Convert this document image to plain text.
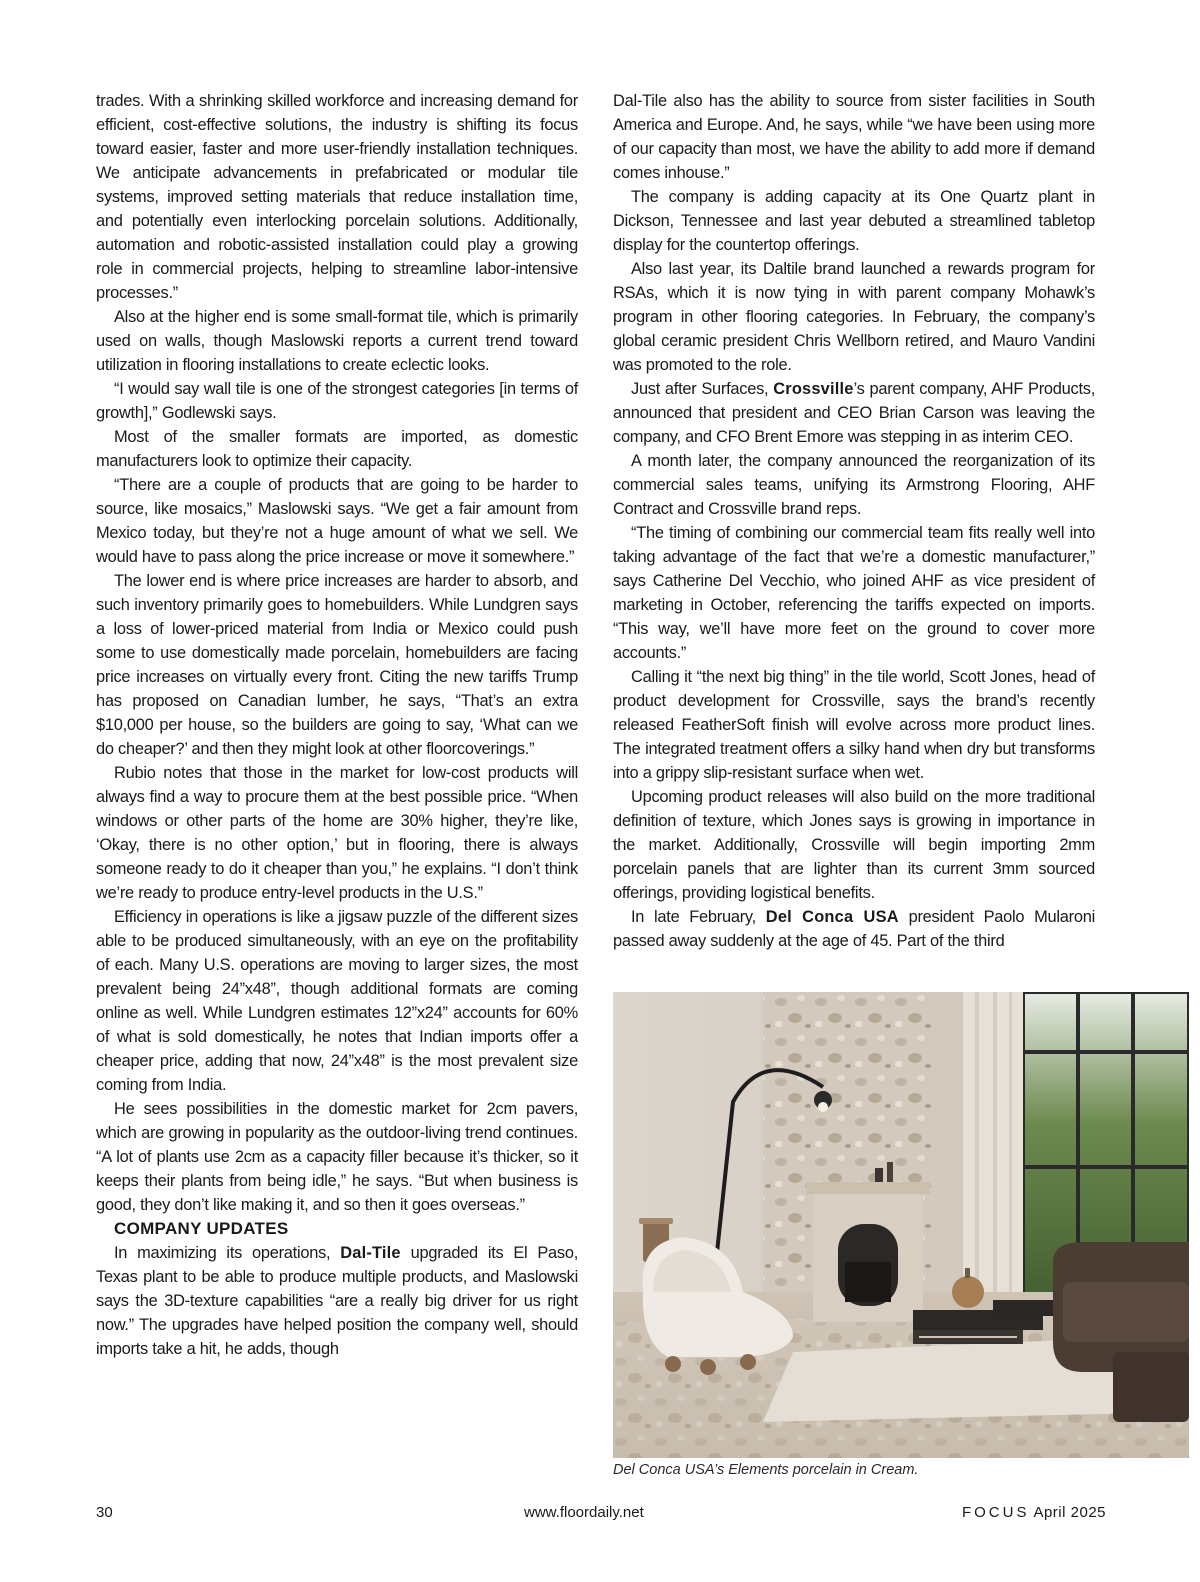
trades. With a shrinking skilled workforce and increasing demand for efficient, cost-effective solutions, the industry is shifting its focus toward easier, faster and more user-friendly installation techniques. We anticipate advancements in prefabricated or modular tile systems, improved setting materials that reduce installation time, and potentially even interlocking porcelain solutions. Additionally, automation and robotic-assisted installation could play a growing role in commercial projects, helping to streamline labor-intensive processes.”

Also at the higher end is some small-format tile, which is primarily used on walls, though Maslowski reports a current trend toward utilization in flooring installations to create eclectic looks.

“I would say wall tile is one of the strongest categories [in terms of growth],” Godlewski says.

Most of the smaller formats are imported, as domestic manufacturers look to optimize their capacity.

“There are a couple of products that are going to be harder to source, like mosaics,” Maslowski says. “We get a fair amount from Mexico today, but they’re not a huge amount of what we sell. We would have to pass along the price increase or move it somewhere.”

The lower end is where price increases are harder to absorb, and such inventory primarily goes to homebuilders. While Lundgren says a loss of lower-priced material from India or Mexico could push some to use domestically made porcelain, homebuilders are facing price increases on virtually every front. Citing the new tariffs Trump has proposed on Canadian lumber, he says, “That’s an extra $10,000 per house, so the builders are going to say, ‘What can we do cheaper?’ and then they might look at other floorcoverings.”

Rubio notes that those in the market for low-cost products will always find a way to procure them at the best possible price. “When windows or other parts of the home are 30% higher, they’re like, ‘Okay, there is no other option,’ but in flooring, there is always someone ready to do it cheaper than you,” he explains. “I don’t think we’re ready to produce entry-level products in the U.S.”

Efficiency in operations is like a jigsaw puzzle of the different sizes able to be produced simultaneously, with an eye on the profitability of each. Many U.S. operations are moving to larger sizes, the most prevalent being 24”x48”, though additional formats are coming online as well. While Lundgren estimates 12”x24” accounts for 60% of what is sold domestically, he notes that Indian imports offer a cheaper price, adding that now, 24”x48” is the most prevalent size coming from India.

He sees possibilities in the domestic market for 2cm pavers, which are growing in popularity as the outdoor-living trend continues. “A lot of plants use 2cm as a capacity filler because it’s thicker, so it keeps their plants from being idle,” he says. “But when business is good, they don’t like making it, and so then it goes overseas.”

COMPANY UPDATES

In maximizing its operations, Dal-Tile upgraded its El Paso, Texas plant to be able to produce multiple products, and Maslowski says the 3D-texture capabilities “are a really big driver for us right now.” The upgrades have helped position the company well, should imports take a hit, he adds, though

Dal-Tile also has the ability to source from sister facilities in South America and Europe. And, he says, while “we have been using more of our capacity than most, we have the ability to add more if demand comes inhouse.”

The company is adding capacity at its One Quartz plant in Dickson, Tennessee and last year debuted a streamlined tabletop display for the countertop offerings.

Also last year, its Daltile brand launched a rewards program for RSAs, which it is now tying in with parent company Mohawk’s program in other flooring categories. In February, the company’s global ceramic president Chris Wellborn retired, and Mauro Vandini was promoted to the role.

Just after Surfaces, Crossville’s parent company, AHF Products, announced that president and CEO Brian Carson was leaving the company, and CFO Brent Emore was stepping in as interim CEO.

A month later, the company announced the reorganization of its commercial sales teams, unifying its Armstrong Flooring, AHF Contract and Crossville brand reps.

“The timing of combining our commercial team fits really well into taking advantage of the fact that we’re a domestic manufacturer,” says Catherine Del Vecchio, who joined AHF as vice president of marketing in October, referencing the tariffs expected on imports. “This way, we’ll have more feet on the ground to cover more accounts.”

Calling it “the next big thing” in the tile world, Scott Jones, head of product development for Crossville, says the brand’s recently released FeatherSoft finish will evolve across more product lines. The integrated treatment offers a silky hand when dry but transforms into a grippy slip-resistant surface when wet.

Upcoming product releases will also build on the more traditional definition of texture, which Jones says is growing in importance in the market. Additionally, Crossville will begin importing 2mm porcelain panels that are lighter than its current 3mm sourced offerings, providing logistical benefits.

In late February, Del Conca USA president Paolo Mularoni passed away suddenly at the age of 45. Part of the third

Del Conca USA’s Elements porcelain in Cream.
30	www.floordaily.net	FOCUS April 2025
